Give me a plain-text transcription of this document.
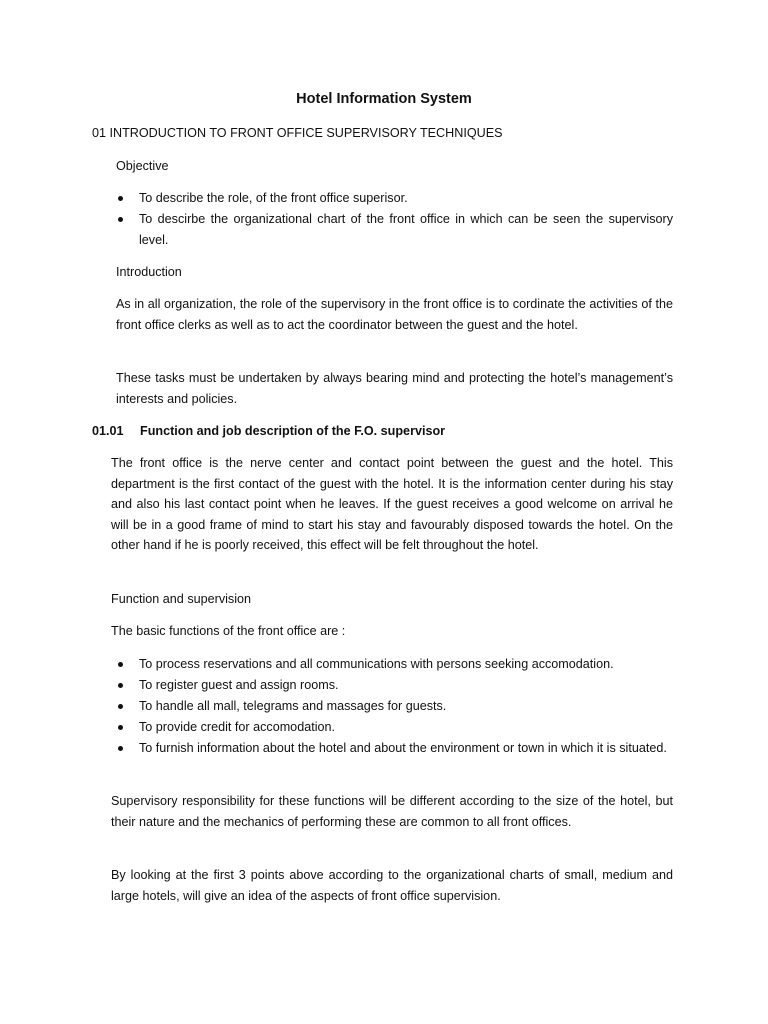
Hotel Information System
01 INTRODUCTION TO FRONT OFFICE SUPERVISORY TECHNIQUES
Objective
To describe the role, of the front office superisor.
To descirbe the organizational chart of the front office in which can be seen the supervisory level.

Introduction

As in all organization, the role of the supervisory in the front office is to cordinate the activities of the front office clerks as well as to act the coordinator between the guest and the hotel.

These tasks must be undertaken by always bearing mind and protecting the hotel’s management’s interests and policies.

01.01 Function and job description of the F.O. supervisor

The front office is the nerve center and contact point between the guest and the hotel. This department is the first contact of the guest with the hotel. It is the information center during his stay and also his last contact point when he leaves. If the guest receives a good welcome on arrival he will be in a good frame of mind to start his stay and favourably disposed towards the hotel. On the other hand if he is poorly received, this effect will be felt throughout the hotel.

Function and supervision

The basic functions of the front office are :

To process reservations and all communications with persons seeking accomodation.
To register guest and assign rooms.
To handle all mall, telegrams and massages for guests.
To provide credit for accomodation.
To furnish information about the hotel and about the environment or town in which it is situated.

Supervisory responsibility for these functions will be different according to the size of the hotel, but their nature and the mechanics of performing these are common to all front offices.

By looking at the first 3 points above according to the organizational charts of small, medium and large hotels, will give an idea of the aspects of front office supervision.
